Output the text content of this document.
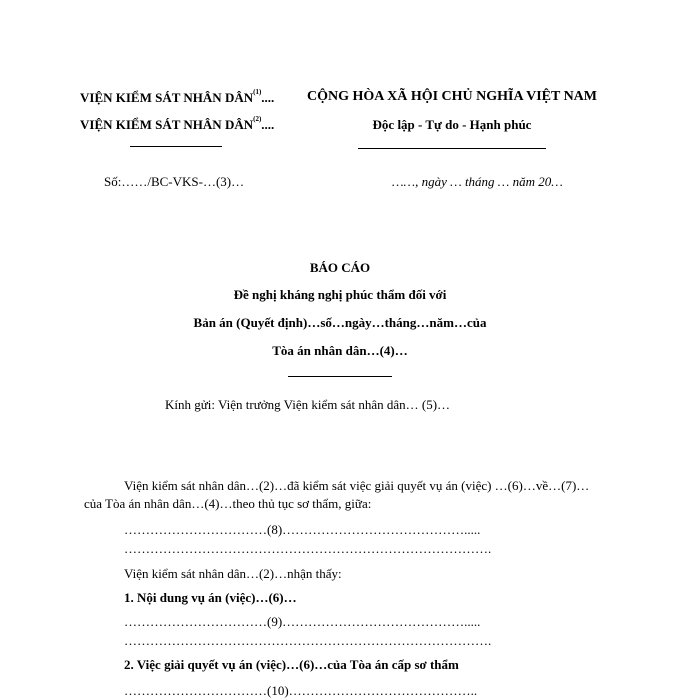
VIỆN KIỂM SÁT NHÂN DÂN$^{(1)}$....
VIỆN KIỂM SÁT NHÂN DÂN$^{(2)}$....
CỘNG HÒA XÃ HỘI CHỦ NGHĨA VIỆT NAM
Độc lập - Tự do - Hạnh phúc
Số:……/BC-VKS-…(3)…	……, ngày … tháng … năm 20…
BÁO CÁO
Đề nghị kháng nghị phúc thẩm đối với
Bản án (Quyết định)…số…ngày…tháng…năm…của
Tòa án nhân dân…(4)…
Kính gửi: Viện trưởng Viện kiểm sát nhân dân… (5)…
Viện kiểm sát nhân dân…(2)…đã kiểm sát việc giải quyết vụ án (việc) …(6)…về…(7)…
của Tòa án nhân dân…(4)…theo thủ tục sơ thẩm, giữa:
……………………………(8)…………………………………….....
………………………………………………………………………….
Viện kiểm sát nhân dân…(2)…nhận thấy:
1. Nội dung vụ án (việc)…(6)…
……………………………(9)…………………………………….....
………………………………………………………………………….
2. Việc giải quyết vụ án (việc)…(6)…của Tòa án cấp sơ thẩm
……………………………(10)……………………………………..
